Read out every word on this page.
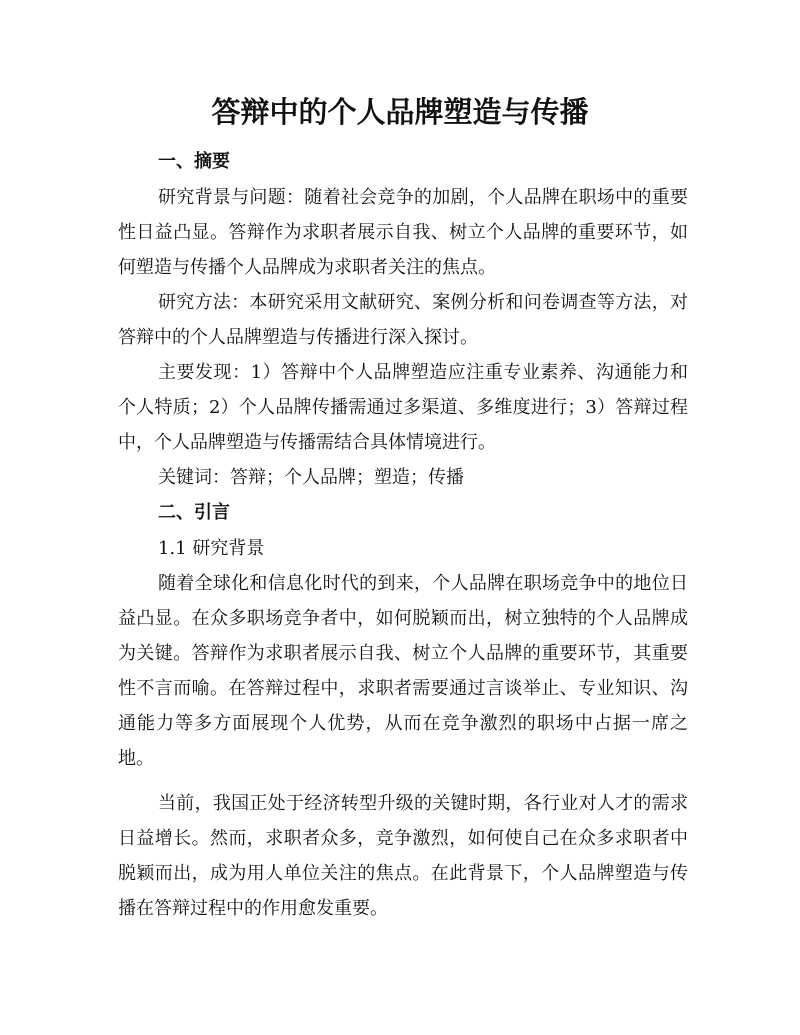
答辩中的个人品牌塑造与传播
一、摘要

研究背景与问题：随着社会竞争的加剧，个人品牌在职场中的重要性日益凸显。答辩作为求职者展示自我、树立个人品牌的重要环节，如何塑造与传播个人品牌成为求职者关注的焦点。

研究方法：本研究采用文献研究、案例分析和问卷调查等方法，对答辩中的个人品牌塑造与传播进行深入探讨。

主要发现：1）答辩中个人品牌塑造应注重专业素养、沟通能力和个人特质；2）个人品牌传播需通过多渠道、多维度进行；3）答辩过程中，个人品牌塑造与传播需结合具体情境进行。

关键词：答辩；个人品牌；塑造；传播

二、引言

1.1 研究背景

随着全球化和信息化时代的到来，个人品牌在职场竞争中的地位日益凸显。在众多职场竞争者中，如何脱颖而出，树立独特的个人品牌成为关键。答辩作为求职者展示自我、树立个人品牌的重要环节，其重要性不言而喻。在答辩过程中，求职者需要通过言谈举止、专业知识、沟通能力等多方面展现个人优势，从而在竞争激烈的职场中占据一席之地。

当前，我国正处于经济转型升级的关键时期，各行业对人才的需求日益增长。然而，求职者众多，竞争激烈，如何使自己在众多求职者中脱颖而出，成为用人单位关注的焦点。在此背景下，个人品牌塑造与传播在答辩过程中的作用愈发重要。
